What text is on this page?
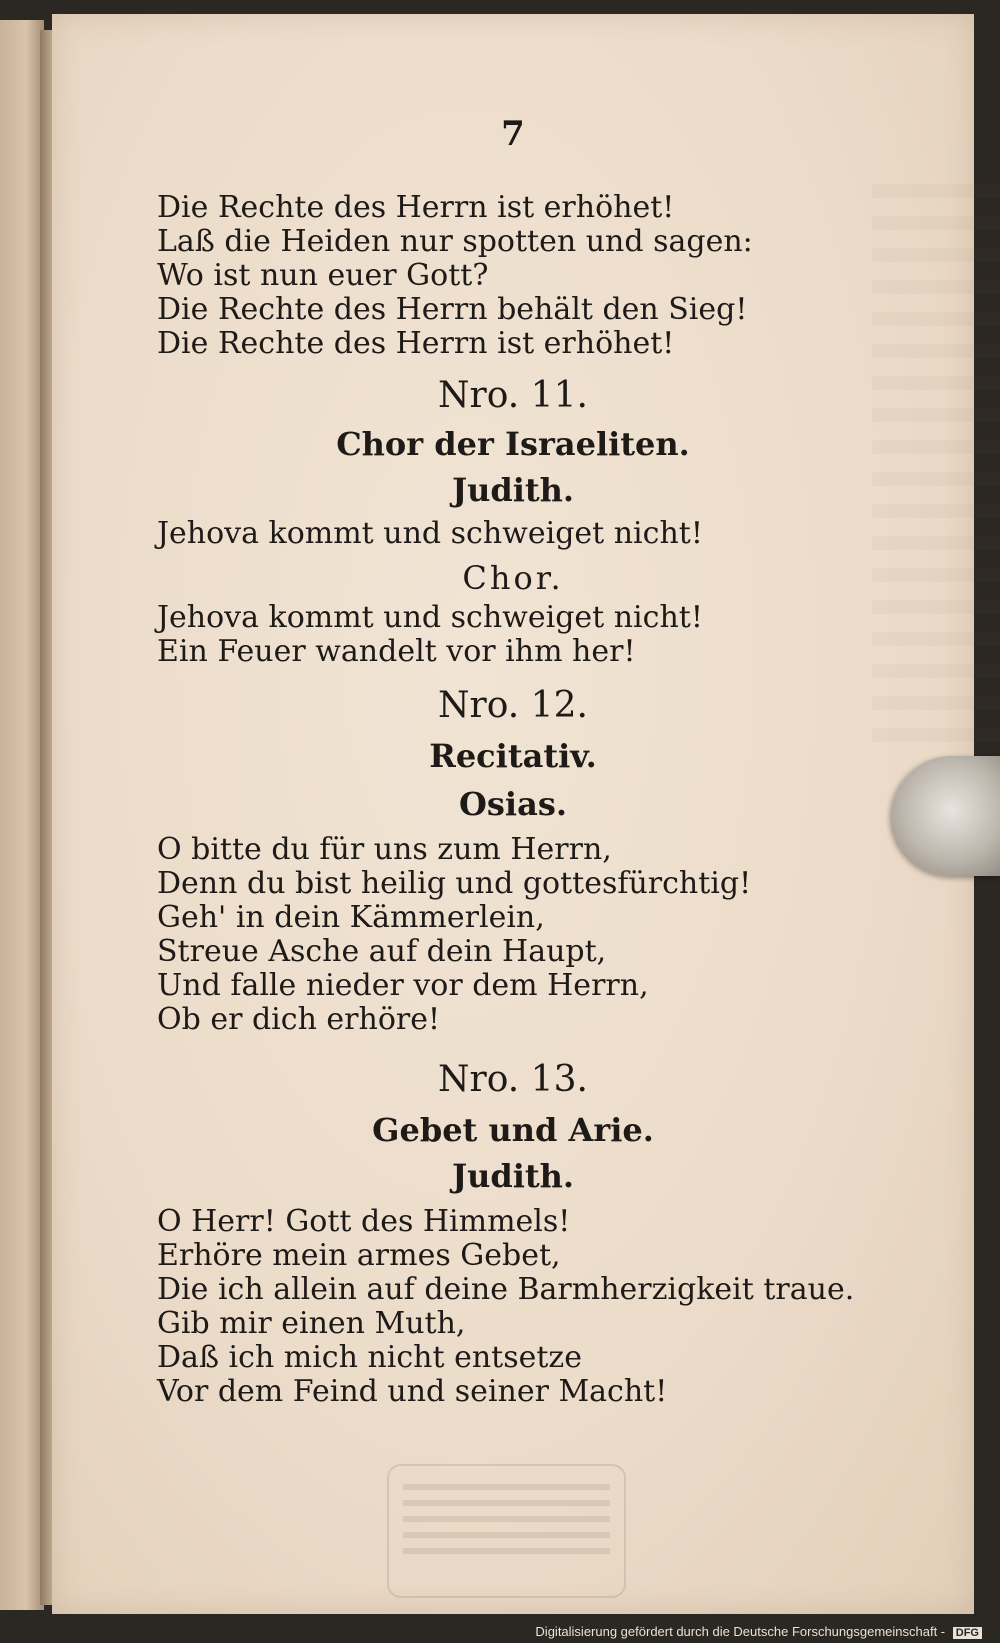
7
Die Rechte des Herrn ist erhöhet!
Laß die Heiden nur spotten und sagen:
Wo ist nun euer Gott?
Die Rechte des Herrn behält den Sieg!
Die Rechte des Herrn ist erhöhet!
Nro. 11.
Chor der Israeliten.
Judith.
Jehova kommt und schweiget nicht!
Chor.
Jehova kommt und schweiget nicht!
Ein Feuer wandelt vor ihm her!
Nro. 12.
Recitativ.
Osias.
O bitte du für uns zum Herrn,
Denn du bist heilig und gottesfürchtig!
Geh' in dein Kämmerlein,
Streue Asche auf dein Haupt,
Und falle nieder vor dem Herrn,
Ob er dich erhöre!
Nro. 13.
Gebet und Arie.
Judith.
O Herr! Gott des Himmels!
Erhöre mein armes Gebet,
Die ich allein auf deine Barmherzigkeit traue.
Gib mir einen Muth,
Daß ich mich nicht entsetze
Vor dem Feind und seiner Macht!
Digitalisierung gefördert durch die Deutsche Forschungsgemeinschaft - DFG
